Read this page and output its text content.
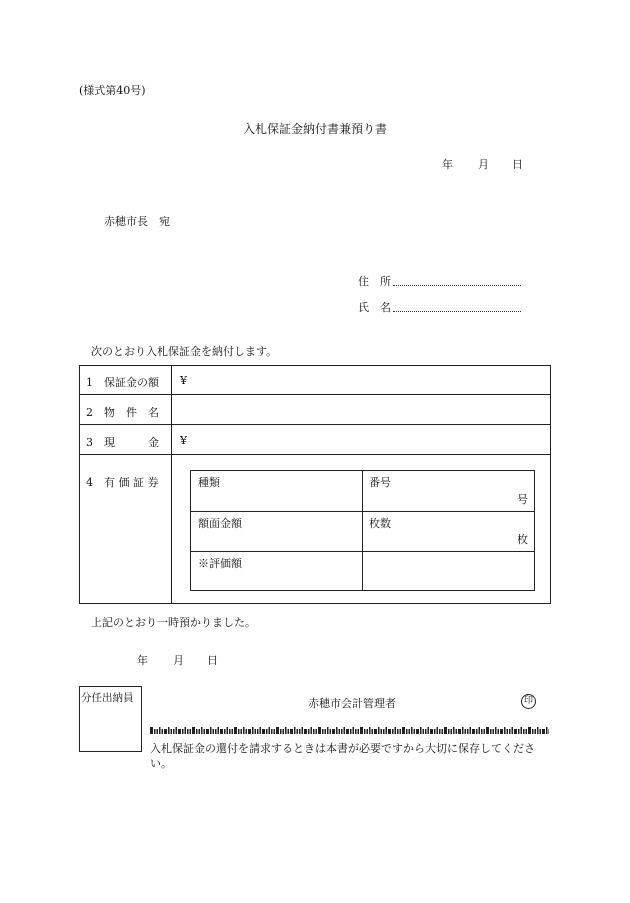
(様式第40号)
入札保証金納付書兼預り書
年 月 日
赤穂市長　宛
住　所
氏　名
次のとおり入札保証金を納付します。
1　保証金の額 ¥
2　物　件　名
3　現　　　金 ¥
4　有 価 証 券	種類	番号
号
額面金額	枚数
枚
※評価額
上記のとおり一時預かりました。
年 月 日
分任出納員	赤穂市会計管理者	印
入札保証金の還付を請求するときは本書が必要ですから大切に保存してください。
